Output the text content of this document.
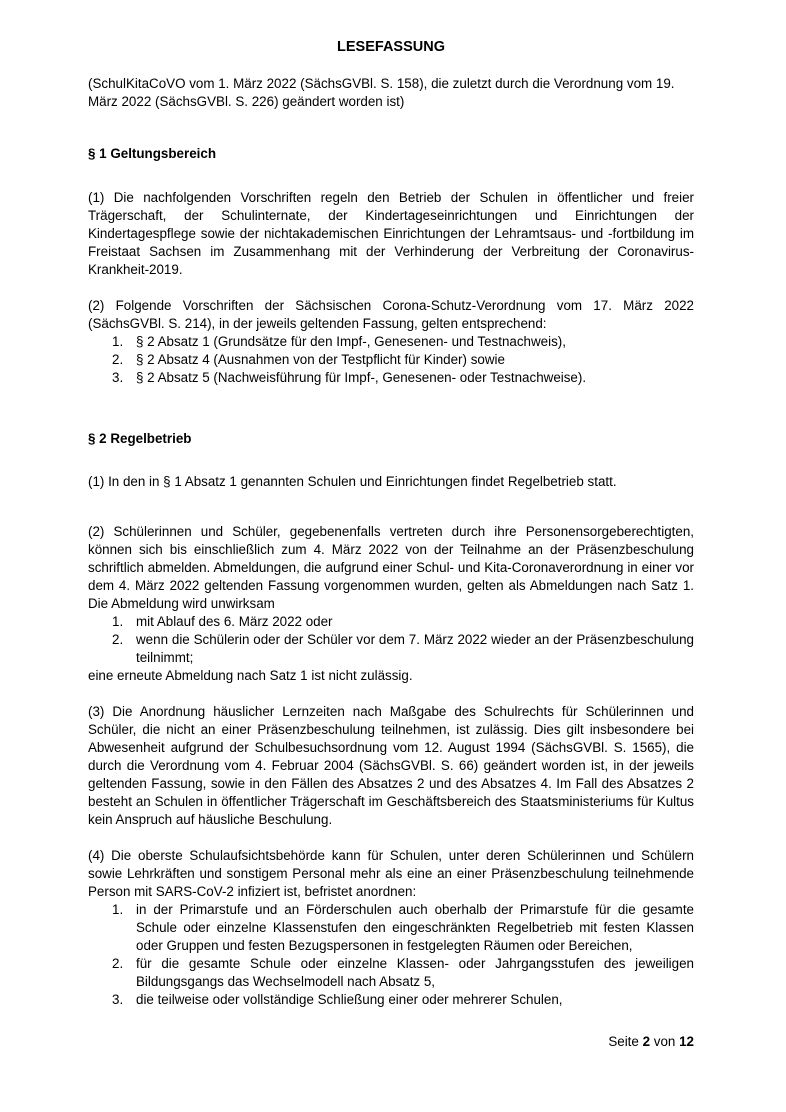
LESEFASSUNG

(SchulKitaCoVO vom 1. März 2022 (SächsGVBl. S. 158), die zuletzt durch die Verordnung vom 19. März 2022 (SächsGVBl. S. 226) geändert worden ist)

§ 1 Geltungsbereich

(1) Die nachfolgenden Vorschriften regeln den Betrieb der Schulen in öffentlicher und freier Trägerschaft, der Schulinternate, der Kindertageseinrichtungen und Einrichtungen der Kindertagespflege sowie der nichtakademischen Einrichtungen der Lehramtsaus- und -fortbildung im Freistaat Sachsen im Zusammenhang mit der Verhinderung der Verbreitung der Coronavirus-Krankheit-2019.

(2) Folgende Vorschriften der Sächsischen Corona-Schutz-Verordnung vom 17. März 2022 (SächsGVBl. S. 214), in der jeweils geltenden Fassung, gelten entsprechend:

1. § 2 Absatz 1 (Grundsätze für den Impf-, Genesenen- und Testnachweis),
2. § 2 Absatz 4 (Ausnahmen von der Testpflicht für Kinder) sowie
3. § 2 Absatz 5 (Nachweisführung für Impf-, Genesenen- oder Testnachweise).
§ 2 Regelbetrieb

(1) In den in § 1 Absatz 1 genannten Schulen und Einrichtungen findet Regelbetrieb statt.

(2) Schülerinnen und Schüler, gegebenenfalls vertreten durch ihre Personensorgeberechtigten, können sich bis einschließlich zum 4. März 2022 von der Teilnahme an der Präsenzbeschulung schriftlich abmelden. Abmeldungen, die aufgrund einer Schul- und Kita-Coronaverordnung in einer vor dem 4. März 2022 geltenden Fassung vorgenommen wurden, gelten als Abmeldungen nach Satz 1. Die Abmeldung wird unwirksam

1. mit Ablauf des 6. März 2022 oder
2. wenn die Schülerin oder der Schüler vor dem 7. März 2022 wieder an der Präsenzbeschulung teilnimmt;

eine erneute Abmeldung nach Satz 1 ist nicht zulässig.

(3) Die Anordnung häuslicher Lernzeiten nach Maßgabe des Schulrechts für Schülerinnen und Schüler, die nicht an einer Präsenzbeschulung teilnehmen, ist zulässig. Dies gilt insbesondere bei Abwesenheit aufgrund der Schulbesuchsordnung vom 12. August 1994 (SächsGVBl. S. 1565), die durch die Verordnung vom 4. Februar 2004 (SächsGVBl. S. 66) geändert worden ist, in der jeweils geltenden Fassung, sowie in den Fällen des Absatzes 2 und des Absatzes 4. Im Fall des Absatzes 2 besteht an Schulen in öffentlicher Trägerschaft im Geschäftsbereich des Staatsministeriums für Kultus kein Anspruch auf häusliche Beschulung.

(4) Die oberste Schulaufsichtsbehörde kann für Schulen, unter deren Schülerinnen und Schülern sowie Lehrkräften und sonstigem Personal mehr als eine an einer Präsenzbeschulung teilnehmende Person mit SARS-CoV-2 infiziert ist, befristet anordnen:

1. in der Primarstufe und an Förderschulen auch oberhalb der Primarstufe für die gesamte Schule oder einzelne Klassenstufen den eingeschränkten Regelbetrieb mit festen Klassen oder Gruppen und festen Bezugspersonen in festgelegten Räumen oder Bereichen,
2. für die gesamte Schule oder einzelne Klassen- oder Jahrgangsstufen des jeweiligen Bildungsgangs das Wechselmodell nach Absatz 5,
3. die teilweise oder vollständige Schließung einer oder mehrerer Schulen,
Seite 2 von 12
